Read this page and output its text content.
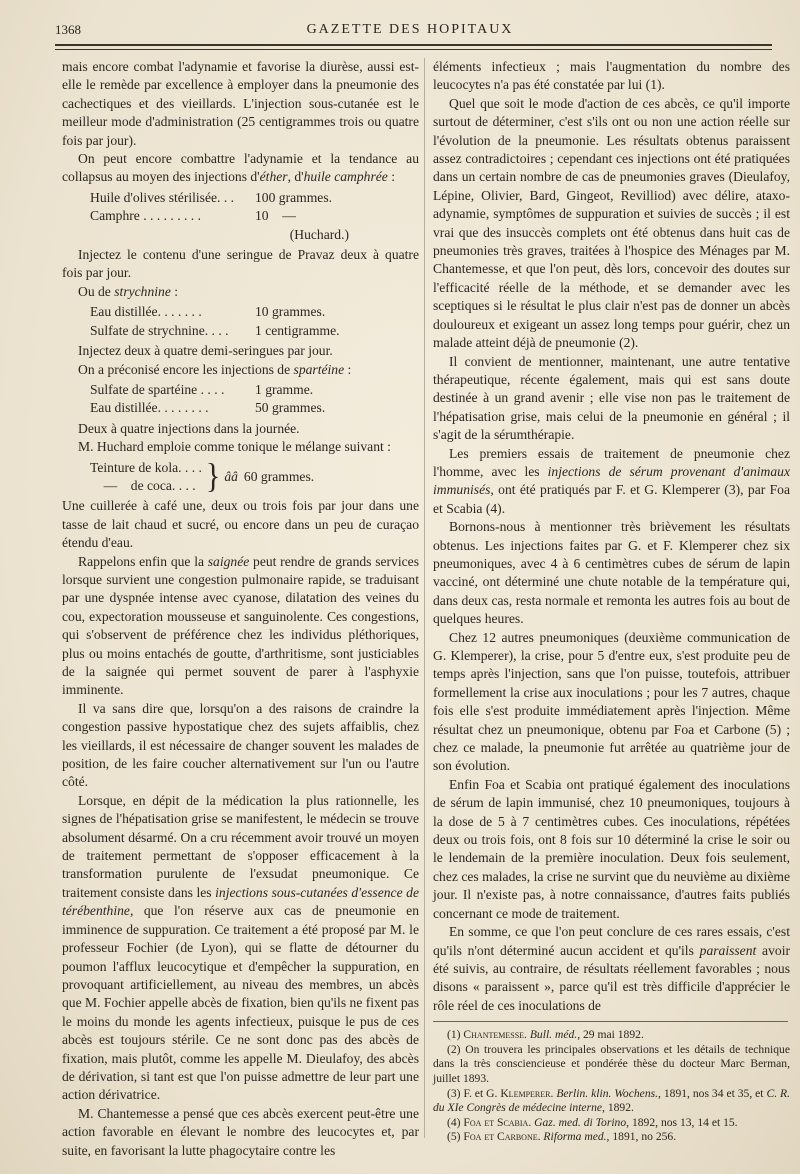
1368	GAZETTE DES HOPITAUX

mais encore combat l'adynamie et favorise la diurèse, aussi est-elle le remède par excellence à employer dans la pneumonie des cachectiques et des vieillards. L'injection sous-cutanée est le meilleur mode d'administration (25 centigrammes trois ou quatre fois par jour).

On peut encore combattre l'adynamie et la tendance au collapsus au moyen des injections d'éther, d'huile camphrée :

Huile d'olives stérilisée. . .	100 grammes.
Camphre . . . . . . . . .	10    —
(Huchard.)

Injectez le contenu d'une seringue de Pravaz deux à quatre fois par jour.

Ou de strychnine :

Eau distillée. . . . . . .	10 grammes.
Sulfate de strychnine. . . .	1 centigramme.

Injectez deux à quatre demi-seringues par jour.

On a préconisé encore les injections de spartéine :

Sulfate de spartéine . . . .	1 gramme.
Eau distillée. . . . . . . .	50 grammes.

Deux à quatre injections dans la journée.

M. Huchard emploie comme tonique le mélange suivant :

Teinture de kola. . . .
—    de coca. . . . } ââ 60 grammes.

Une cuillerée à café une, deux ou trois fois par jour dans une tasse de lait chaud et sucré, ou encore dans un peu de curaçao étendu d'eau.

Rappelons enfin que la saignée peut rendre de grands services lorsque survient une congestion pulmonaire rapide, se traduisant par une dyspnée intense avec cyanose, dilatation des veines du cou, expectoration mousseuse et sanguinolente. Ces congestions, qui s'observent de préférence chez les individus pléthoriques, plus ou moins entachés de goutte, d'arthritisme, sont justiciables de la saignée qui permet souvent de parer à l'asphyxie imminente.

Il va sans dire que, lorsqu'on a des raisons de craindre la congestion passive hypostatique chez des sujets affaiblis, chez les vieillards, il est nécessaire de changer souvent les malades de position, de les faire coucher alternativement sur l'un ou l'autre côté.

Lorsque, en dépit de la médication la plus rationnelle, les signes de l'hépatisation grise se manifestent, le médecin se trouve absolument désarmé. On a cru récemment avoir trouvé un moyen de traitement permettant de s'opposer efficacement à la transformation purulente de l'exsudat pneumonique. Ce traitement consiste dans les injections sous-cutanées d'essence de térébenthine, que l'on réserve aux cas de pneumonie en imminence de suppuration. Ce traitement a été proposé par M. le professeur Fochier (de Lyon), qui se flatte de détourner du poumon l'afflux leucocytique et d'empêcher la suppuration, en provoquant artificiellement, au niveau des membres, un abcès que M. Fochier appelle abcès de fixation, bien qu'ils ne fixent pas le moins du monde les agents infectieux, puisque le pus de ces abcès est toujours stérile. Ce ne sont donc pas des abcès de fixation, mais plutôt, comme les appelle M. Dieulafoy, des abcès de dérivation, si tant est que l'on puisse admettre de leur part une action dérivatrice.

M. Chantemesse a pensé que ces abcès exercent peut-être une action favorable en élevant le nombre des leucocytes et, par suite, en favorisant la lutte phagocytaire contre les

éléments infectieux ; mais l'augmentation du nombre des leucocytes n'a pas été constatée par lui (1).

Quel que soit le mode d'action de ces abcès, ce qu'il importe surtout de déterminer, c'est s'ils ont ou non une action réelle sur l'évolution de la pneumonie. Les résultats obtenus paraissent assez contradictoires ; cependant ces injections ont été pratiquées dans un certain nombre de cas de pneumonies graves (Dieulafoy, Lépine, Olivier, Bard, Gingeot, Revilliod) avec délire, ataxo-adynamie, symptômes de suppuration et suivies de succès ; il est vrai que des insuccès complets ont été obtenus dans huit cas de pneumonies très graves, traitées à l'hospice des Ménages par M. Chantemesse, et que l'on peut, dès lors, concevoir des doutes sur l'efficacité réelle de la méthode, et se demander avec les sceptiques si le résultat le plus clair n'est pas de donner un abcès douloureux et exigeant un assez long temps pour guérir, chez un malade atteint déjà de pneumonie (2).

Il convient de mentionner, maintenant, une autre tentative thérapeutique, récente également, mais qui est sans doute destinée à un grand avenir ; elle vise non pas le traitement de l'hépatisation grise, mais celui de la pneumonie en général ; il s'agit de la sérumthérapie.

Les premiers essais de traitement de pneumonie chez l'homme, avec les injections de sérum provenant d'animaux immunisés, ont été pratiqués par F. et G. Klemperer (3), par Foa et Scabia (4).

Bornons-nous à mentionner très brièvement les résultats obtenus. Les injections faites par G. et F. Klemperer chez six pneumoniques, avec 4 à 6 centimètres cubes de sérum de lapin vacciné, ont déterminé une chute notable de la température qui, dans deux cas, resta normale et remonta les autres fois au bout de quelques heures.

Chez 12 autres pneumoniques (deuxième communication de G. Klemperer), la crise, pour 5 d'entre eux, s'est produite peu de temps après l'injection, sans que l'on puisse, toutefois, attribuer formellement la crise aux inoculations ; pour les 7 autres, chaque fois elle s'est produite immédiatement après l'injection. Même résultat chez un pneumonique, obtenu par Foa et Carbone (5) ; chez ce malade, la pneumonie fut arrêtée au quatrième jour de son évolution.

Enfin Foa et Scabia ont pratiqué également des inoculations de sérum de lapin immunisé, chez 10 pneumoniques, toujours à la dose de 5 à 7 centimètres cubes. Ces inoculations, répétées deux ou trois fois, ont 8 fois sur 10 déterminé la crise le soir ou le lendemain de la première inoculation. Deux fois seulement, chez ces malades, la crise ne survint que du neuvième au dixième jour. Il n'existe pas, à notre connaissance, d'autres faits publiés concernant ce mode de traitement.

En somme, ce que l'on peut conclure de ces rares essais, c'est qu'ils n'ont déterminé aucun accident et qu'ils paraissent avoir été suivis, au contraire, de résultats réellement favorables ; nous disons « paraissent », parce qu'il est très difficile d'apprécier le rôle réel de ces inoculations de

(1) Chantemesse. Bull. méd., 29 mai 1892.
(2) On trouvera les principales observations et les détails de technique dans la très consciencieuse et pondérée thèse du docteur Marc Berman, juillet 1893.
(3) F. et G. Klemperer. Berlin. klin. Wochens., 1891, nos 34 et 35, et C. R. du XIe Congrès de médecine interne, 1892.
(4) Foa et Scabia. Gaz. med. di Torino, 1892, nos 13, 14 et 15.
(5) Foa et Carbone. Riforma med., 1891, no 256.
